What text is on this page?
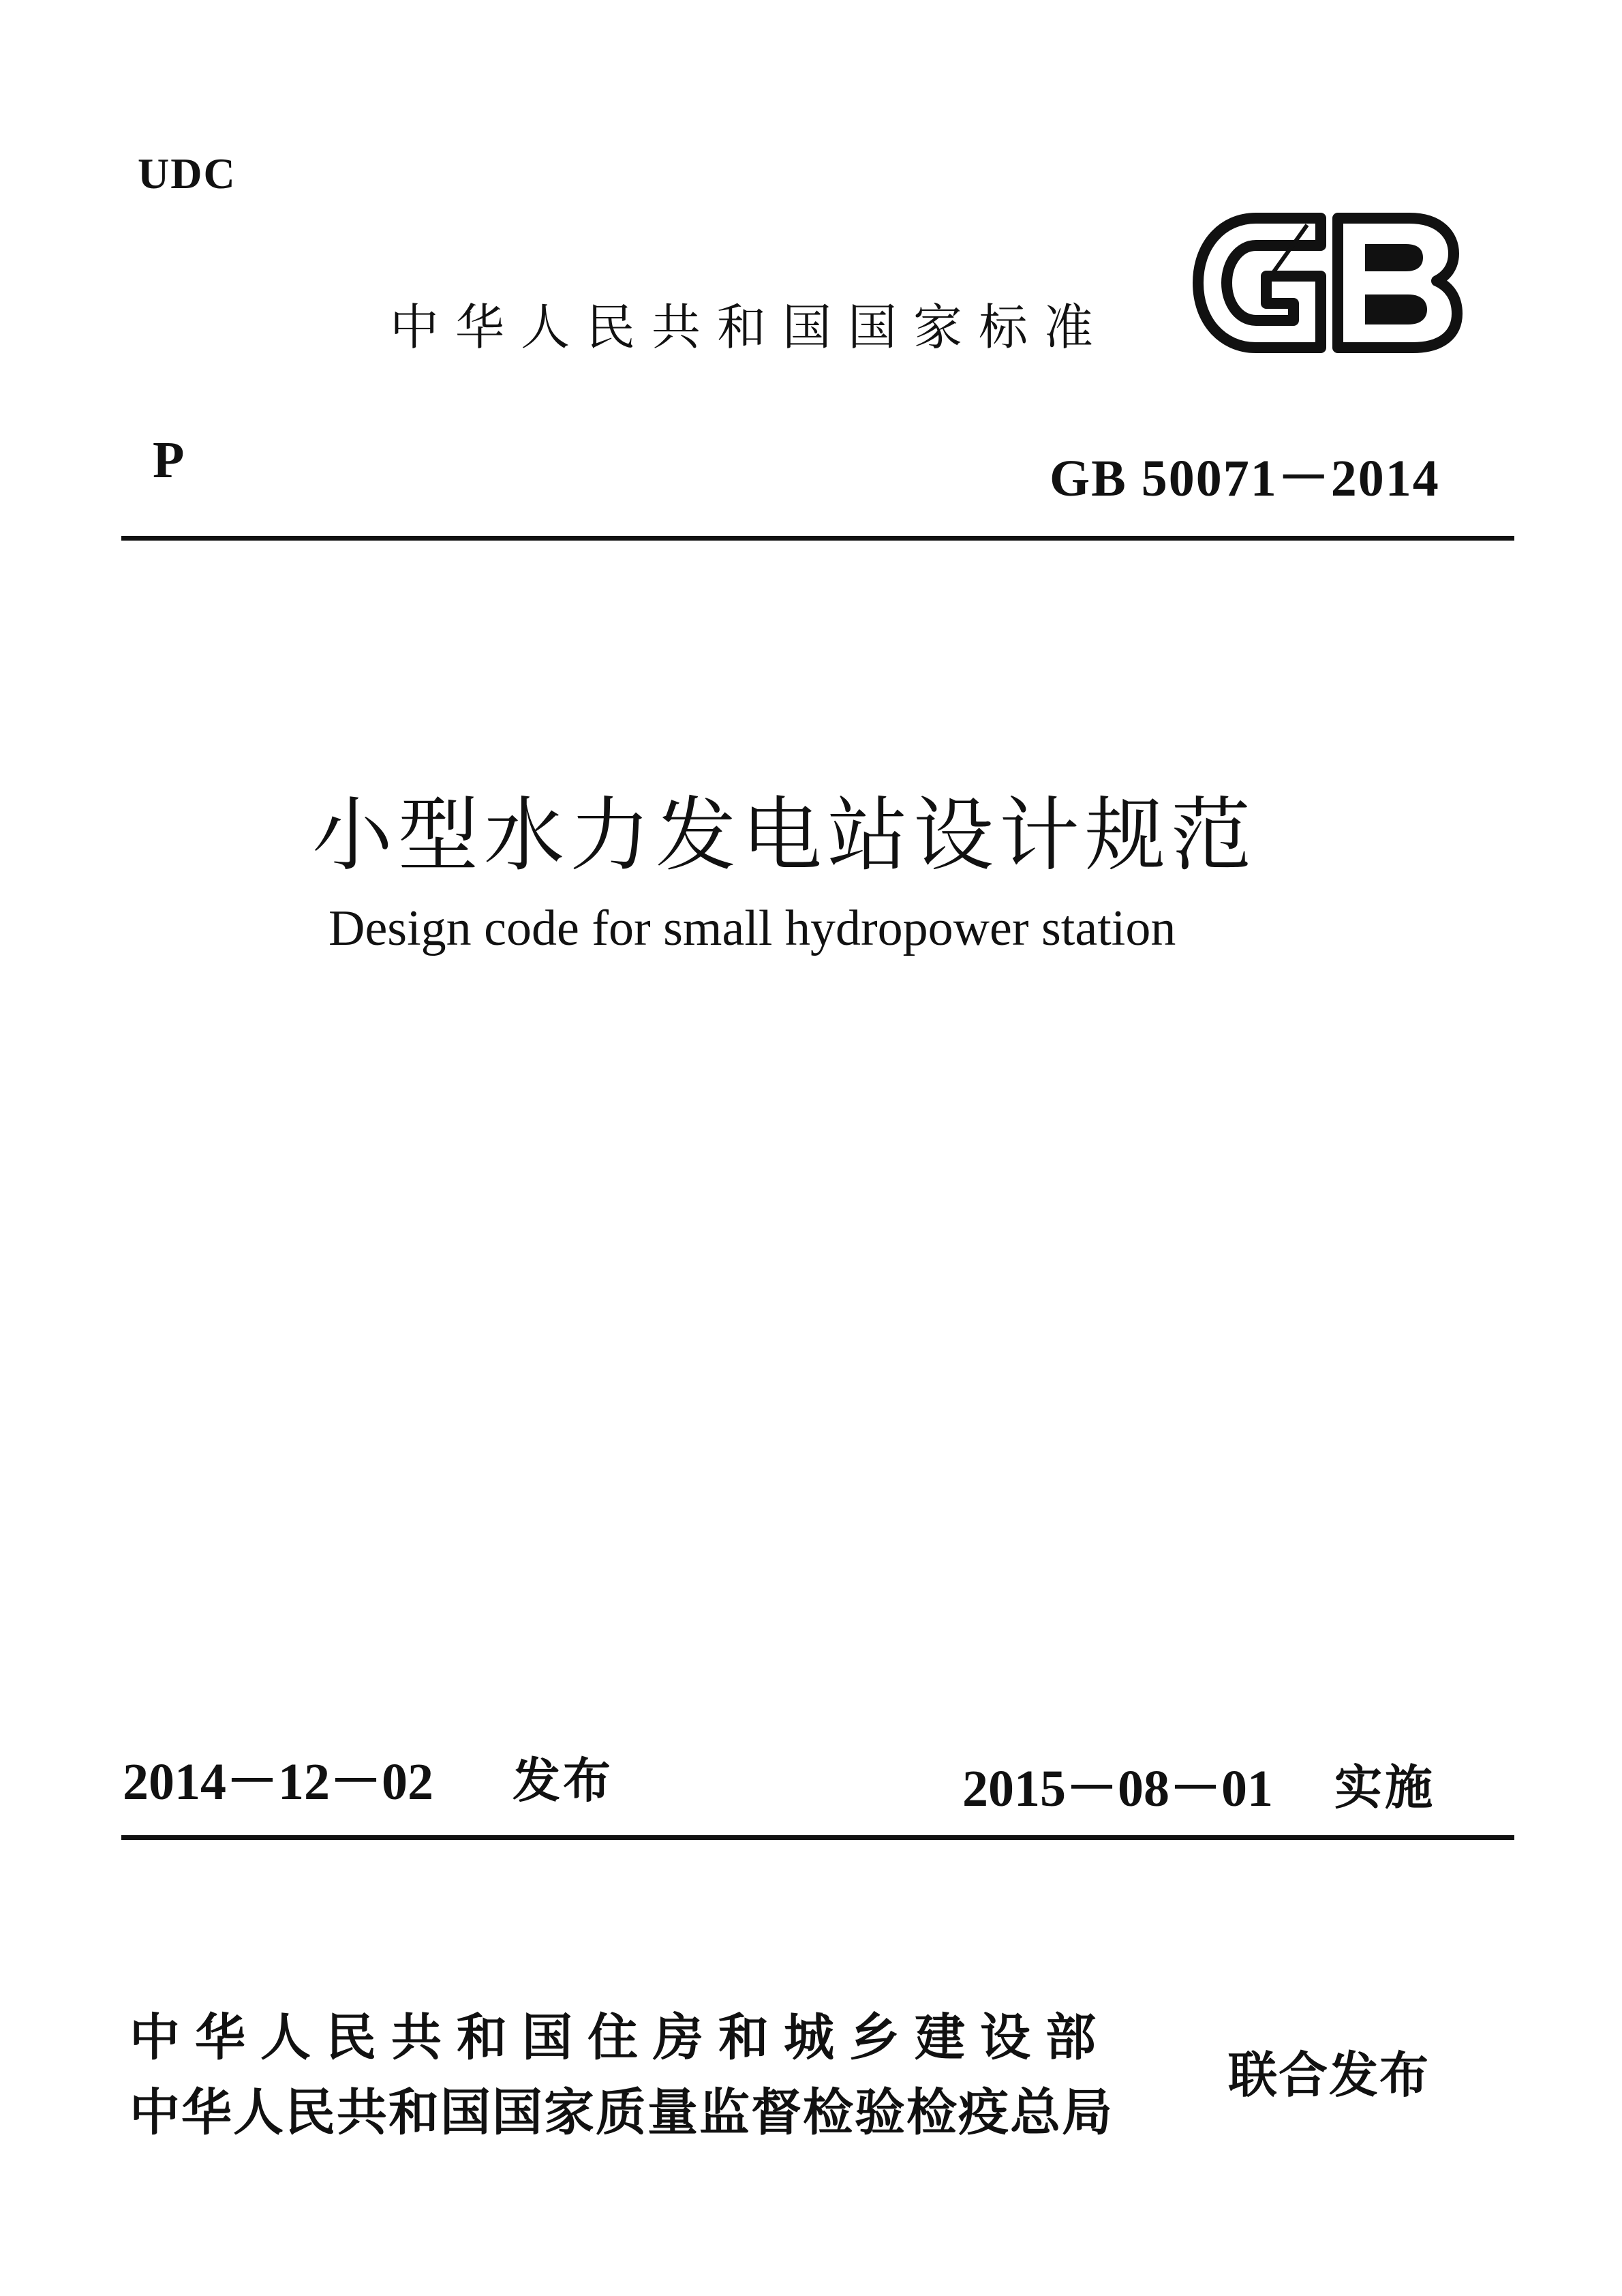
UDC
中华人民共和国国家标准
P	GB 50071－2014
小型水力发电站设计规范
Design code for small hydropower station
2014－12－02 发布	2015－08－01 实施
中华人民共和国住房和城乡建设部
中华人民共和国国家质量监督检验检疫总局
联合发布
